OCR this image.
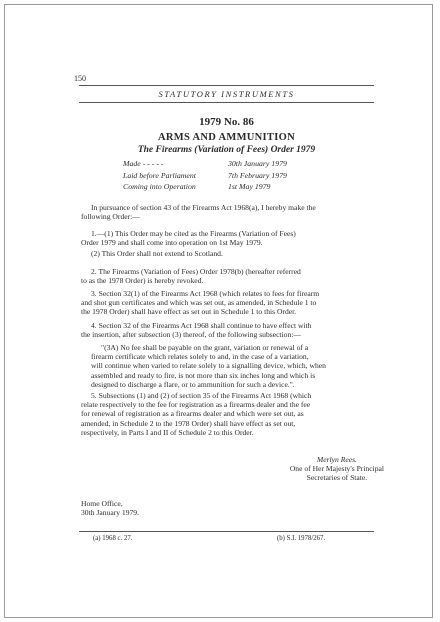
150
STATUTORY INSTRUMENTS
1979 No. 86
ARMS AND AMMUNITION
The Firearms (Variation of Fees) Order 1979
Made - - - - -	30th January 1979
Laid before Parliament	7th February 1979
Coming into Operation	1st May 1979

In pursuance of section 43 of the Firearms Act 1968(a), I hereby make the

following Order:—

1.—(1) This Order may be cited as the Firearms (Variation of Fees)

Order 1979 and shall come into operation on 1st May 1979.

(2) This Order shall not extend to Scotland.

2. The Firearms (Variation of Fees) Order 1978(b) (hereafter referred

to as the 1978 Order) is hereby revoked.

3. Section 32(1) of the Firearms Act 1968 (which relates to fees for firearm

and shot gun certificates and which was set out, as amended, in Schedule 1 to

the 1978 Order) shall have effect as set out in Schedule 1 to this Order.

4. Section 32 of the Firearms Act 1968 shall continue to have effect with

the insertion, after subsection (3) thereof, of the following subsection:—

"(3A) No fee shall be payable on the grant, variation or renewal of a

firearm certificate which relates solely to and, in the case of a variation,

will continue when varied to relate solely to a signalling device, which, when

assembled and ready to fire, is not more than six inches long and which is

designed to discharge a flare, or to ammunition for such a device.".

5. Subsections (1) and (2) of section 35 of the Firearms Act 1968 (which

relate respectively to the fee for registration as a firearms dealer and the fee

for renewal of registration as a firearms dealer and which were set out, as

amended, in Schedule 2 to the 1978 Order) shall have effect as set out,

respectively, in Parts I and II of Schedule 2 to this Order.

Merlyn Rees.
One of Her Majesty's Principal
Secretaries of State.
Home Office,
30th January 1979.
(a) 1968 c. 27.	(b) S.I. 1978/267.
